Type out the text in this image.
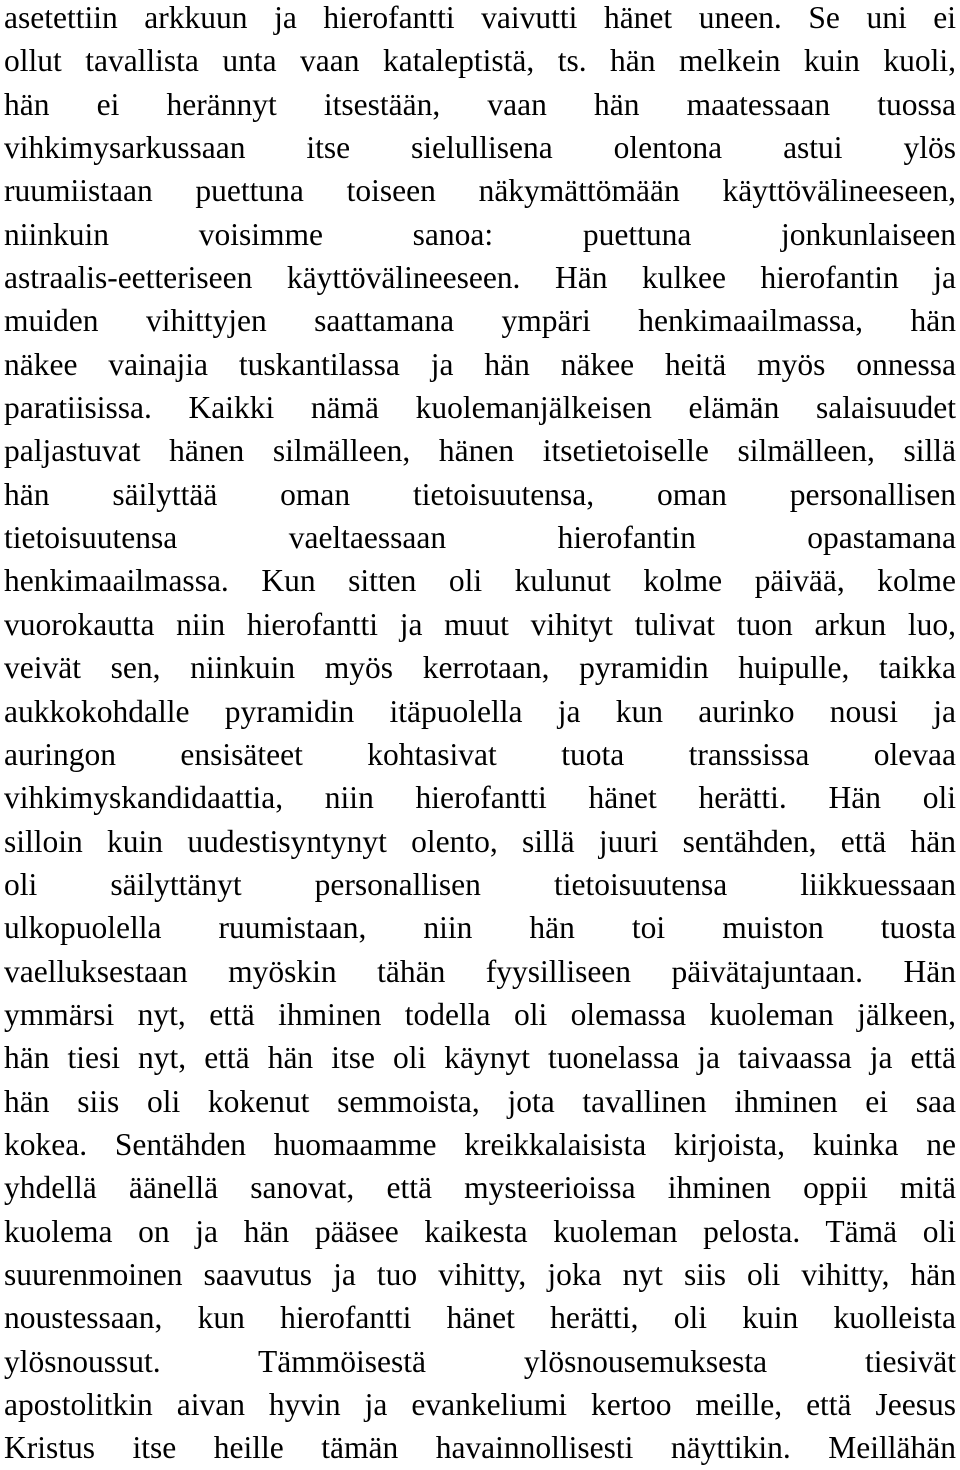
asetettiin arkkuun ja hierofantti vaivutti hänet uneen. Se uni ei
ollut tavallista unta vaan kataleptistä, ts. hän melkein kuin kuoli,
hän ei herännyt itsestään, vaan hän maatessaan tuossa
vihkimysarkussaan itse sielullisena olentona astui ylös
ruumiistaan puettuna toiseen näkymättömään käyttövälineeseen,
niinkuin voisimme sanoa: puettuna jonkunlaiseen
astraalis-eetteriseen käyttövälineeseen. Hän kulkee hierofantin ja
muiden vihittyjen saattamana ympäri henkimaailmassa, hän
näkee vainajia tuskantilassa ja hän näkee heitä myös onnessa
paratiisissa. Kaikki nämä kuolemanjälkeisen elämän salaisuudet
paljastuvat hänen silmälleen, hänen itsetietoiselle silmälleen, sillä
hän säilyttää oman tietoisuutensa, oman personallisen
tietoisuutensa vaeltaessaan hierofantin opastamana
henkimaailmassa. Kun sitten oli kulunut kolme päivää, kolme
vuorokautta niin hierofantti ja muut vihityt tulivat tuon arkun luo,
veivät sen, niinkuin myös kerrotaan, pyramidin huipulle, taikka
aukkokohdalle pyramidin itäpuolella ja kun aurinko nousi ja
auringon ensisäteet kohtasivat tuota transsissa olevaa
vihkimyskandidaattia, niin hierofantti hänet herätti. Hän oli
silloin kuin uudestisyntynyt olento, sillä juuri sentähden, että hän
oli säilyttänyt personallisen tietoisuutensa liikkuessaan
ulkopuolella ruumistaan, niin hän toi muiston tuosta
vaelluksestaan myöskin tähän fyysilliseen päivätajuntaan. Hän
ymmärsi nyt, että ihminen todella oli olemassa kuoleman jälkeen,
hän tiesi nyt, että hän itse oli käynyt tuonelassa ja taivaassa ja että
hän siis oli kokenut semmoista, jota tavallinen ihminen ei saa
kokea. Sentähden huomaamme kreikkalaisista kirjoista, kuinka ne
yhdellä äänellä sanovat, että mysteerioissa ihminen oppii mitä
kuolema on ja hän pääsee kaikesta kuoleman pelosta. Tämä oli
suurenmoinen saavutus ja tuo vihitty, joka nyt siis oli vihitty, hän
noustessaan, kun hierofantti hänet herätti, oli kuin kuolleista
ylösnoussut. Tämmöisestä ylösnousemuksesta tiesivät
apostolitkin aivan hyvin ja evankeliumi kertoo meille, että Jeesus
Kristus itse heille tämän havainnollisesti näyttikin. Meillähän
